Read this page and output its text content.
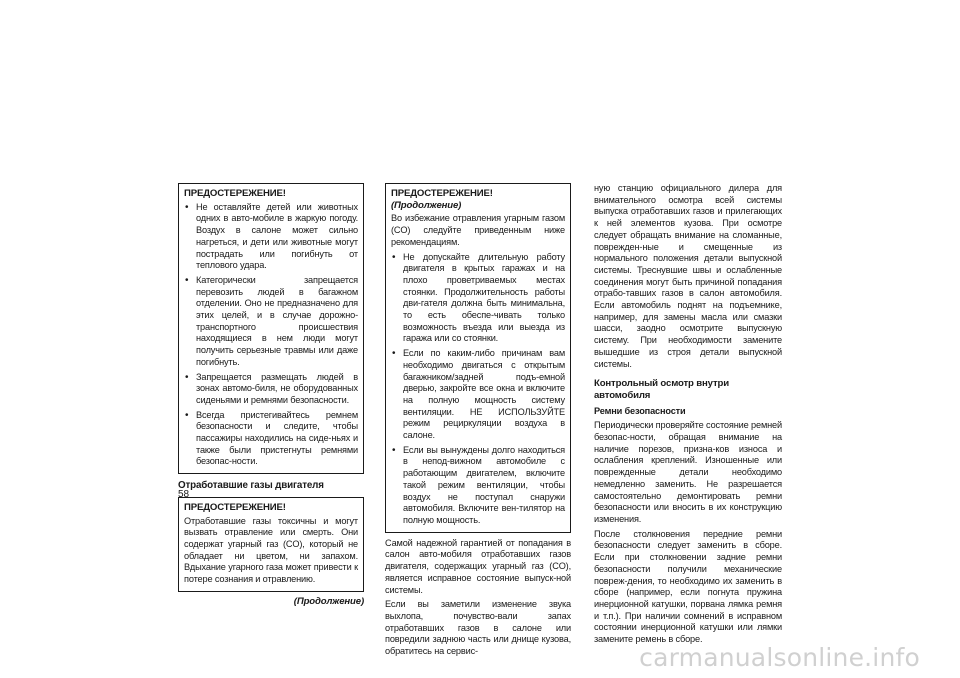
ПРЕДОСТЕРЕЖЕНИЕ!
• Не оставляйте детей или животных одних в авто-мобиле в жаркую погоду. Воздух в салоне может сильно нагреться, и дети или животные могут пострадать или погибнуть от теплового удара.
• Категорически запрещается перевозить людей в багажном отделении. Оно не предназначено для этих целей, и в случае дорожно-транспортного происшествия находящиеся в нем люди могут получить серьезные травмы или даже погибнуть.
• Запрещается размещать людей в зонах автомо-биля, не оборудованных сиденьями и ремнями безопасности.
• Всегда пристегивайтесь ремнем безопасности и следите, чтобы пассажиры находились на сиде-ньях и также были пристегнуты ремнями безопас-ности.
Отработавшие газы двигателя
ПРЕДОСТЕРЕЖЕНИЕ!

Отработавшие газы токсичны и могут вызвать отравление или смерть. Они содержат угарный газ (CO), который не обладает ни цветом, ни запахом. Вдыхание угарного газа может привести к потере сознания и отравлению.

(Продолжение)
ПРЕДОСТЕРЕЖЕНИЕ! (Продолжение)

Во избежание отравления угарным газом (CO) следуйте приведенным ниже рекомендациям.

• Не допускайте длительную работу двигателя в крытых гаражах и на плохо проветриваемых местах стоянки. Продолжительность работы дви-гателя должна быть минимальна, то есть обеспе-чивать только возможность въезда или выезда из гаража или со стоянки.
• Если по каким-либо причинам вам необходимо двигаться с открытым багажником/задней подъ-емной дверью, закройте все окна и включите на полную мощность систему вентиляции. НЕ ИСПОЛЬЗУЙТЕ режим рециркуляции воздуха в салоне.
• Если вы вынуждены долго находиться в непод-вижном автомобиле с работающим двигателем, включите такой режим вентиляции, чтобы воздух не поступал снаружи автомобиля. Включите вен-тилятор на полную мощность.

Самой надежной гарантией от попадания в салон авто-мобиля отработавших газов двигателя, содержащих угарный газ (CO), является исправное состояние выпуск-ной системы.

Если вы заметили изменение звука выхлопа, почувство-вали запах отработавших газов в салоне или повредили заднюю часть или днище кузова, обратитесь на сервис-

ную станцию официального дилера для внимательного осмотра всей системы выпуска отработавших газов и прилегающих к ней элементов кузова. При осмотре следует обращать внимание на сломанные, поврежден-ные и смещенные из нормального положения детали выпускной системы. Треснувшие швы и ослабленные соединения могут быть причиной попадания отрабо-тавших газов в салон автомобиля. Если автомобиль поднят на подъемнике, например, для замены масла или смазки шасси, заодно осмотрите выпускную систему. При необходимости замените вышедшие из строя детали выпускной системы.

Контрольный осмотр внутри автомобиля
Ремни безопасности

Периодически проверяйте состояние ремней безопас-ности, обращая внимание на наличие порезов, признa-ков износа и ослабления креплений. Изношенные или поврежденные детали необходимо немедленно заменить. Не разрешается самостоятельно демонтировать ремни безопасности или вносить в их конструкцию изменения.

После столкновения передние ремни безопасности следует заменить в сборе. Если при столкновении задние ремни безопасности получили механические повреж-дения, то необходимо их заменить в сборе (например, если погнута пружина инерционной катушки, порвана лямка ремня и т.п.). При наличии сомнений в исправном состоянии инерционной катушки или лямки замените ремень в сборе.

58
carmanualsonline.info
